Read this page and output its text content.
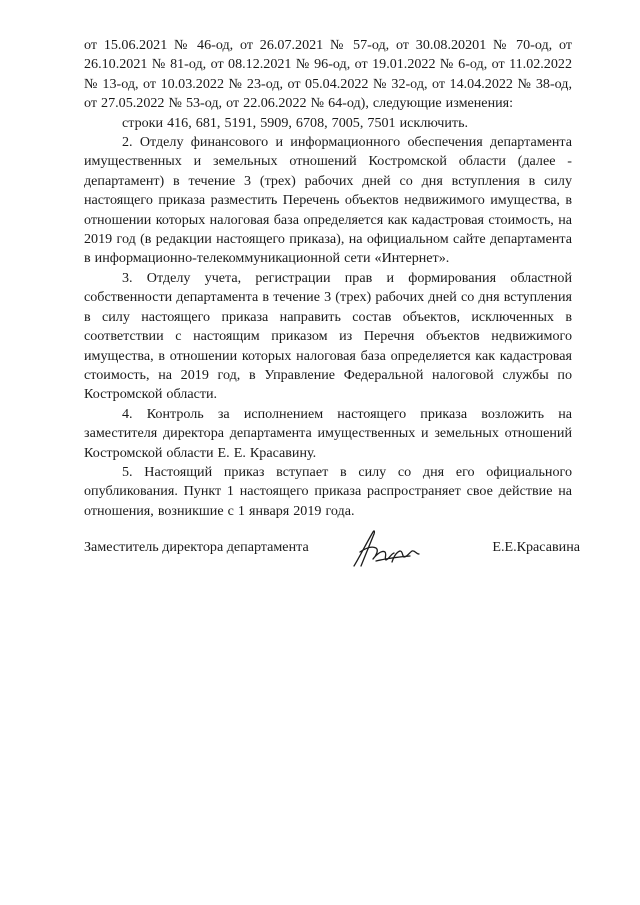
от 15.06.2021 № 46-од, от 26.07.2021 № 57-од, от 30.08.20201 № 70-од, от 26.10.2021 № 81-од, от 08.12.2021 № 96-од, от 19.01.2022 № 6-од, от 11.02.2022 № 13-од, от 10.03.2022 № 23-од, от 05.04.2022 № 32-од, от 14.04.2022 № 38-од, от 27.05.2022 № 53-од, от 22.06.2022 № 64-од), следующие изменения:

строки 416, 681, 5191, 5909, 6708, 7005, 7501 исключить.

2. Отделу финансового и информационного обеспечения департамента имущественных и земельных отношений Костромской области (далее - департамент) в течение 3 (трех) рабочих дней со дня вступления в силу настоящего приказа разместить Перечень объектов недвижимого имущества, в отношении которых налоговая база определяется как кадастровая стоимость, на 2019 год (в редакции настоящего приказа), на официальном сайте департамента в информационно-телекоммуникационной сети «Интернет».

3. Отделу учета, регистрации прав и формирования областной собственности департамента в течение 3 (трех) рабочих дней со дня вступления в силу настоящего приказа направить состав объектов, исключенных в соответствии с настоящим приказом из Перечня объектов недвижимого имущества, в отношении которых налоговая база определяется как кадастровая стоимость, на 2019 год, в Управление Федеральной налоговой службы по Костромской области.

4. Контроль за исполнением настоящего приказа возложить на заместителя директора департамента имущественных и земельных отношений Костромской области Е. Е. Красавину.

5. Настоящий приказ вступает в силу со дня его официального опубликования. Пункт 1 настоящего приказа распространяет свое действие на отношения, возникшие с 1 января 2019 года.

Заместитель директора департамента	Е.Е.Красавина
